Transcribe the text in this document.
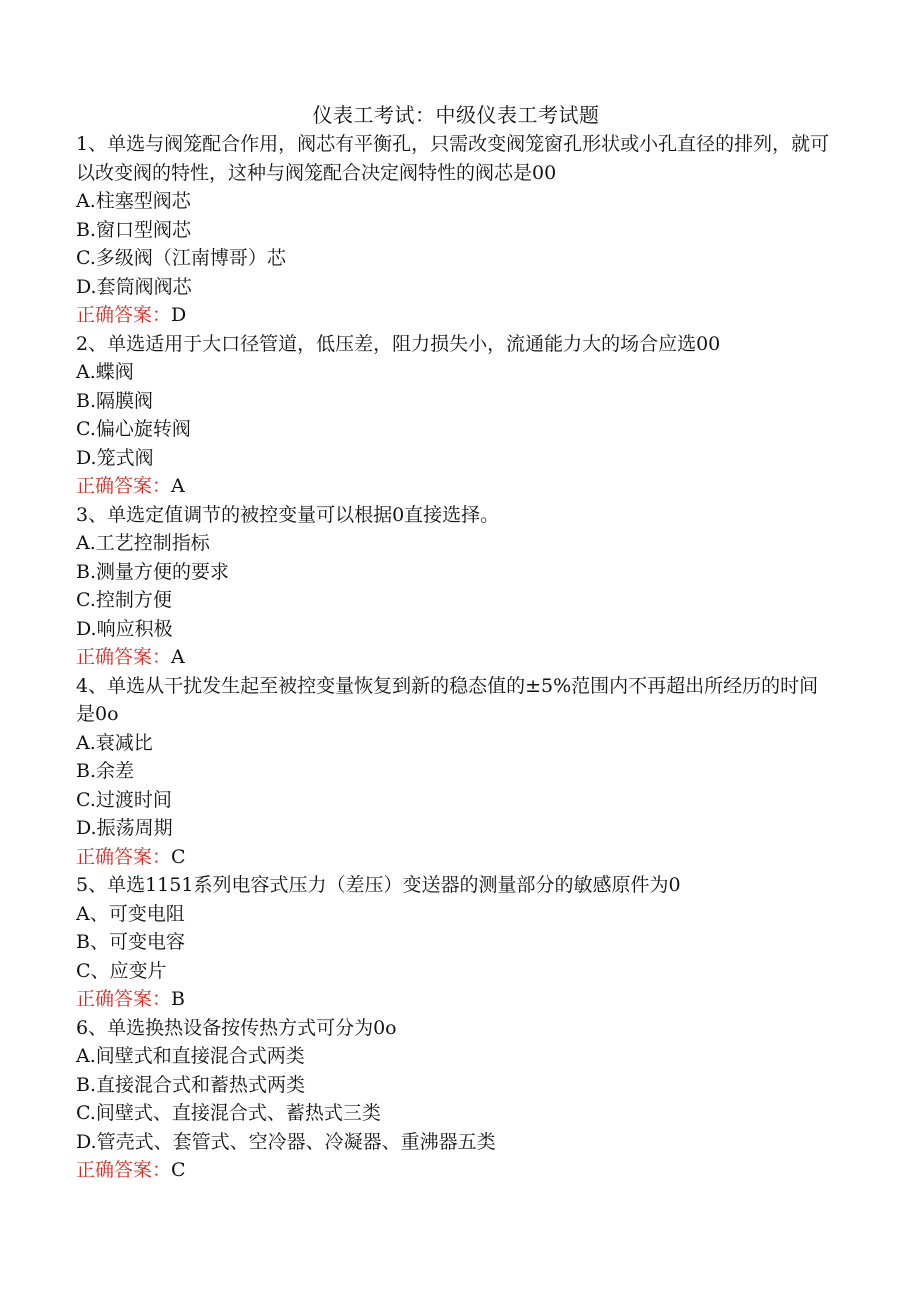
仪表工考试：中级仪表工考试题

1、单选与阀笼配合作用，阀芯有平衡孔，只需改变阀笼窗孔形状或小孔直径的排列，就可以改变阀的特性，这种与阀笼配合决定阀特性的阀芯是00

A.柱塞型阀芯

B.窗口型阀芯

C.多级阀（江南博哥）芯

D.套筒阀阀芯

正确答案：D

2、单选适用于大口径管道，低压差，阻力损失小，流通能力大的场合应选00

A.蝶阀

B.隔膜阀

C.偏心旋转阀

D.笼式阀

正确答案：A

3、单选定值调节的被控变量可以根据0直接选择。

A.工艺控制指标

B.测量方便的要求

C.控制方便

D.响应积极

正确答案：A

4、单选从干扰发生起至被控变量恢复到新的稳态值的±5%范围内不再超出所经历的时间是0o

A.衰减比

B.余差

C.过渡时间

D.振荡周期

正确答案：C

5、单选1151系列电容式压力（差压）变送器的测量部分的敏感原件为0

A、可变电阻

B、可变电容

C、应变片

正确答案：B

6、单选换热设备按传热方式可分为0o

A.间壁式和直接混合式两类

B.直接混合式和蓄热式两类

C.间壁式、直接混合式、蓄热式三类

D.管壳式、套管式、空冷器、冷凝器、重沸器五类

正确答案：C
